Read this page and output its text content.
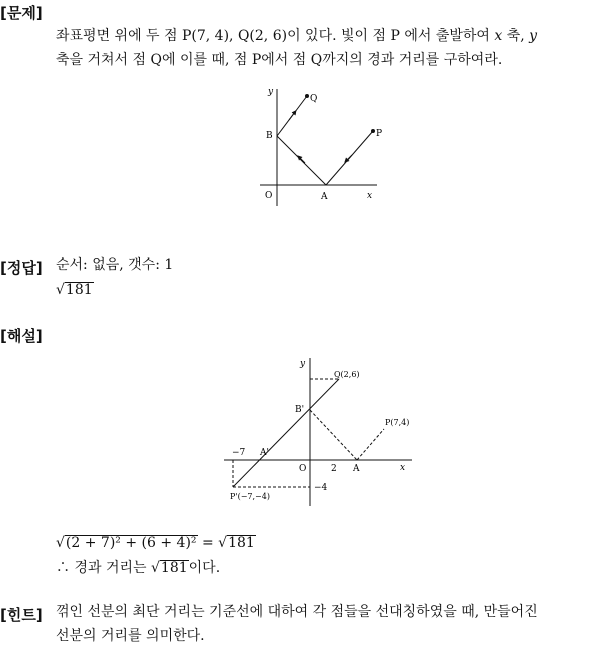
[문제]
좌표평면 위에 두 점 P(7, 4), Q(2, 6)이 있다. 빛이 점 P 에서 출발하여 x 축, y
축을 거쳐서 점 Q에 이를 때, 점 P에서 점 Q까지의 경과 거리를 구하여라.
y
x
O	A
B	P
Q
[정답] 순서: 없음, 갯수: 1
√181
[해설]
y
x
O	A
A'
B'
Q(2,6)
P(7,4)
P'(−7,−4)
−7
2
−4
√(2 + 7)² + (6 + 4)² = √181
∴ 경과 거리는 √181이다.
[힌트] 꺾인 선분의 최단 거리는 기준선에 대하여 각 점들을 선대칭하였을 때, 만들어진
선분의 거리를 의미한다.
